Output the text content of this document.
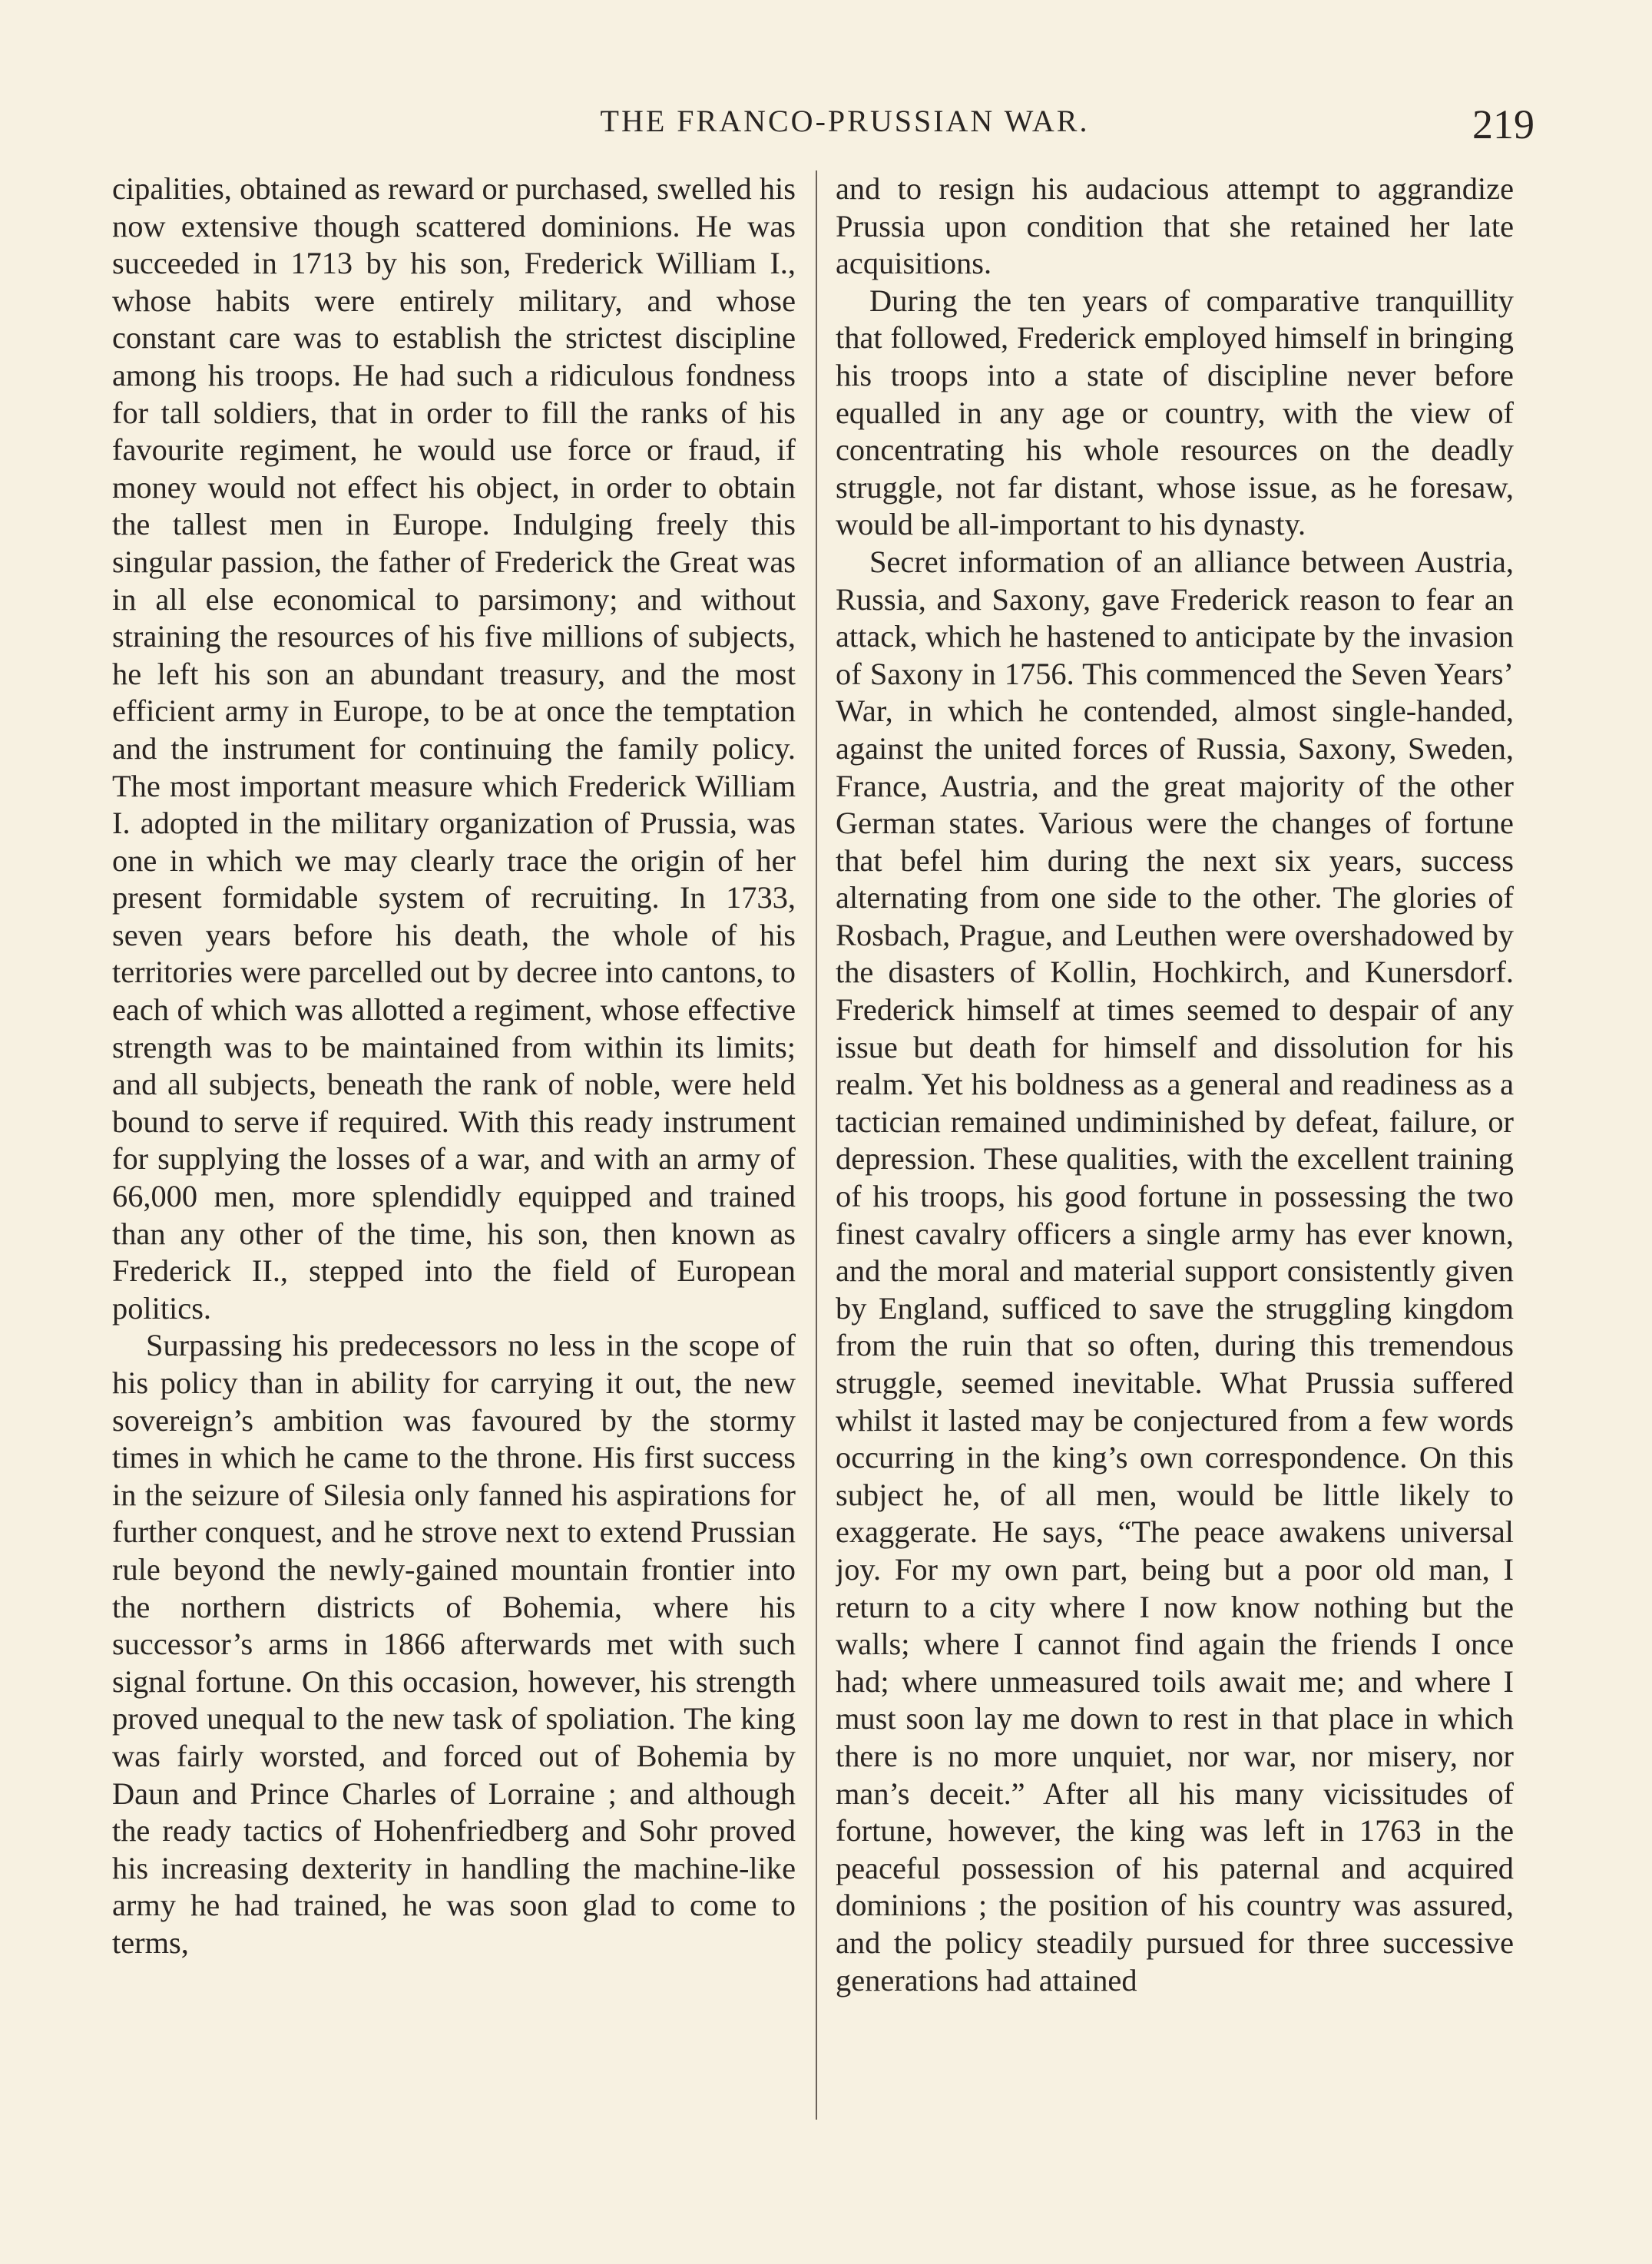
THE FRANCO-PRUSSIAN WAR.	219

cipalities, obtained as reward or purchased, swelled his now extensive though scattered dominions. He was succeeded in 1713 by his son, Frederick William I., whose habits were entirely military, and whose constant care was to establish the strictest discipline among his troops. He had such a ridiculous fondness for tall soldiers, that in order to fill the ranks of his favourite regiment, he would use force or fraud, if money would not effect his object, in order to obtain the tallest men in Europe. Indulging freely this singular passion, the father of Frederick the Great was in all else economical to parsimony; and without straining the resources of his five millions of subjects, he left his son an abundant treasury, and the most efficient army in Europe, to be at once the temptation and the instrument for continuing the family policy. The most important measure which Frederick William I. adopted in the military organization of Prussia, was one in which we may clearly trace the origin of her present formidable system of recruiting. In 1733, seven years before his death, the whole of his territories were parcelled out by decree into cantons, to each of which was allotted a regiment, whose effective strength was to be maintained from within its limits; and all subjects, beneath the rank of noble, were held bound to serve if required. With this ready instrument for supplying the losses of a war, and with an army of 66,000 men, more splendidly equipped and trained than any other of the time, his son, then known as Frederick II., stepped into the field of European politics.

Surpassing his predecessors no less in the scope of his policy than in ability for carrying it out, the new sovereign’s ambition was favoured by the stormy times in which he came to the throne. His first success in the seizure of Silesia only fanned his aspirations for further conquest, and he strove next to extend Prussian rule beyond the newly-gained mountain frontier into the northern districts of Bohemia, where his successor’s arms in 1866 afterwards met with such signal fortune. On this occasion, however, his strength proved unequal to the new task of spoliation. The king was fairly worsted, and forced out of Bohemia by Daun and Prince Charles of Lorraine ; and although the ready tactics of Hohenfriedberg and Sohr proved his increasing dexterity in handling the machine-like army he had trained, he was soon glad to come to terms,

and to resign his audacious attempt to aggrandize Prussia upon condition that she retained her late acquisitions.

During the ten years of comparative tranquillity that followed, Frederick employed himself in bringing his troops into a state of discipline never before equalled in any age or country, with the view of concentrating his whole resources on the deadly struggle, not far distant, whose issue, as he foresaw, would be all-important to his dynasty.

Secret information of an alliance between Austria, Russia, and Saxony, gave Frederick reason to fear an attack, which he hastened to anticipate by the invasion of Saxony in 1756. This commenced the Seven Years’ War, in which he contended, almost single-handed, against the united forces of Russia, Saxony, Sweden, France, Austria, and the great majority of the other German states. Various were the changes of fortune that befel him during the next six years, success alternating from one side to the other. The glories of Rosbach, Prague, and Leuthen were overshadowed by the disasters of Kollin, Hochkirch, and Kunersdorf. Frederick himself at times seemed to despair of any issue but death for himself and dissolution for his realm. Yet his boldness as a general and readiness as a tactician remained undiminished by defeat, failure, or depression. These qualities, with the excellent training of his troops, his good fortune in possessing the two finest cavalry officers a single army has ever known, and the moral and material support consistently given by England, sufficed to save the struggling kingdom from the ruin that so often, during this tremendous struggle, seemed inevitable. What Prussia suffered whilst it lasted may be conjectured from a few words occurring in the king’s own correspondence. On this subject he, of all men, would be little likely to exaggerate. He says, “The peace awakens universal joy. For my own part, being but a poor old man, I return to a city where I now know nothing but the walls; where I cannot find again the friends I once had; where unmeasured toils await me; and where I must soon lay me down to rest in that place in which there is no more unquiet, nor war, nor misery, nor man’s deceit.” After all his many vicissitudes of fortune, however, the king was left in 1763 in the peaceful possession of his paternal and acquired dominions ; the position of his country was assured, and the policy steadily pursued for three successive generations had attained
